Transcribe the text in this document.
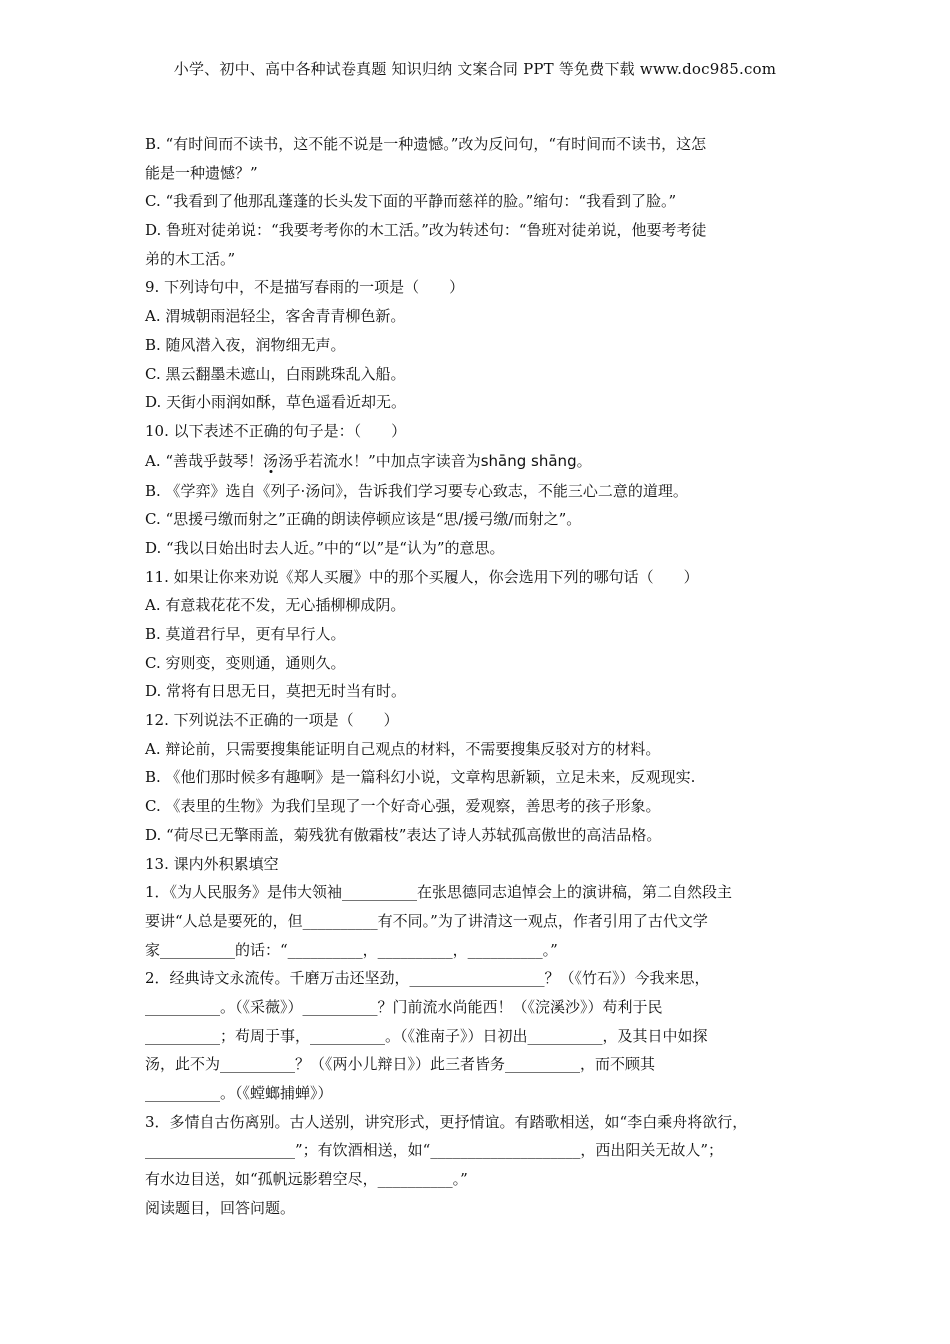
小学、初中、高中各种试卷真题 知识归纳 文案合同 PPT 等免费下载 www.doc985.com
B. “有时间而不读书，这不能不说是一种遗憾。”改为反问句，“有时间而不读书，这怎
能是一种遗憾？”
C. “我看到了他那乱蓬蓬的长头发下面的平静而慈祥的脸。”缩句：“我看到了脸。”
D. 鲁班对徒弟说：“我要考考你的木工活。”改为转述句：“鲁班对徒弟说，他要考考徒
弟的木工活。”
9. 下列诗句中，不是描写春雨的一项是（　　）
A. 渭城朝雨浥轻尘，客舍青青柳色新。
B. 随风潜入夜，润物细无声。
C. 黑云翻墨未遮山，白雨跳珠乱入船。
D. 天街小雨润如酥，草色遥看近却无。
10. 以下表述不正确的句子是：（　　）
A. “善哉乎鼓琴！汤汤乎若流水！”中加点字读音为shāng shāng。
B. 《学弈》选自《列子·汤问》，告诉我们学习要专心致志，不能三心二意的道理。
C. “思援弓缴而射之”正确的朗读停顿应该是“思/援弓缴/而射之”。
D. “我以日始出时去人近。”中的“以”是“认为”的意思。
11. 如果让你来劝说《郑人买履》中的那个买履人，你会选用下列的哪句话（　　）
A. 有意栽花花不发，无心插柳柳成阴。
B. 莫道君行早，更有早行人。
C. 穷则变，变则通，通则久。
D. 常将有日思无日，莫把无时当有时。
12. 下列说法不正确的一项是（　　）
A. 辩论前，只需要搜集能证明自己观点的材料，不需要搜集反驳对方的材料。
B. 《他们那时候多有趣啊》是一篇科幻小说，文章构思新颖，立足未来，反观现实.
C. 《表里的生物》为我们呈现了一个好奇心强，爱观察，善思考的孩子形象。
D. “荷尽已无擎雨盖，菊残犹有傲霜枝”表达了诗人苏轼孤高傲世的高洁品格。
13. 课内外积累填空
1．《为人民服务》是伟大领袖__________在张思德同志追悼会上的演讲稿，第二自然段主
要讲“人总是要死的，但__________有不同。”为了讲清这一观点，作者引用了古代文学
家__________的话：“__________，__________，__________。”
2．经典诗文永流传。千磨万击还坚劲，__________________？（《竹石》）今我来思，
__________。（《采薇》）__________？门前流水尚能西！（《浣溪沙》）苟利于民
__________；苟周于事，__________。（《淮南子》）日初出__________，及其日中如探
汤，此不为__________？（《两小儿辩日》）此三者皆务__________，而不顾其
__________。（《螳螂捕蝉》）
3．多情自古伤离别。古人送别，讲究形式，更抒情谊。有踏歌相送，如“李白乘舟将欲行，
____________________”；有饮酒相送，如“____________________，西出阳关无故人”；
有水边目送，如“孤帆远影碧空尽，__________。”
阅读题目，回答问题。
